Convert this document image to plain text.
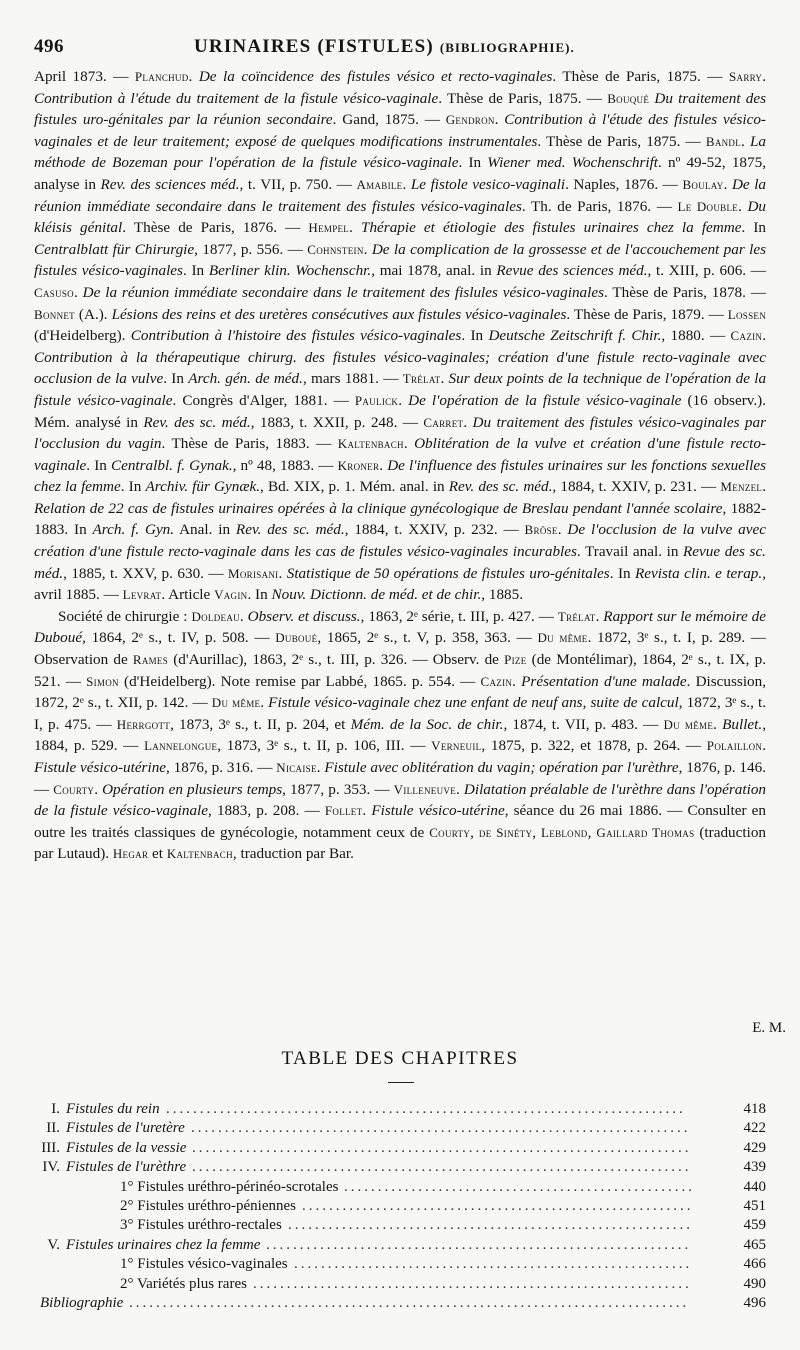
496	URINAIRES (FISTULES) (BIBLIOGRAPHIE).

April 1873. — Planchud. De la coïncidence des fistules vésico et recto-vaginales. Thèse de Paris, 1875. — Sarry. Contribution à l'étude du traitement de la fistule vésico-vaginale. Thèse de Paris, 1875. — Bouqué Du traitement des fistules uro-génitales par la réunion secondaire. Gand, 1875. — Gendron. Contribution à l'étude des fistules vésico-vaginales et de leur traitement; exposé de quelques modifications instrumentales. Thèse de Paris, 1875. — Bandl. La méthode de Bozeman pour l'opération de la fistule vésico-vaginale. In Wiener med. Wochenschrift. nº 49-52, 1875, analyse in Rev. des sciences méd., t. VII, p. 750. — Amabile. Le fistole vesico-vaginali. Naples, 1876. — Boulay. De la réunion immédiate secondaire dans le traitement des fistules vésico-vaginales. Th. de Paris, 1876. — Le Double. Du kléisis génital. Thèse de Paris, 1876. — Hempel. Thérapie et étiologie des fistules urinaires chez la femme. In Centralblatt für Chirurgie, 1877, p. 556. — Cohnstein. De la complication de la grossesse et de l'accouchement par les fistules vésico-vaginales. In Berliner klin. Wochenschr., mai 1878, anal. in Revue des sciences méd., t. XIII, p. 606. — Casuso. De la réunion immédiate secondaire dans le traitement des fislules vésico-vaginales. Thèse de Paris, 1878. — Bonnet (A.). Lésions des reins et des uretères consécutives aux fistules vésico-vaginales. Thèse de Paris, 1879. — Lossen (d'Heidelberg). Contribution à l'histoire des fistules vésico-vaginales. In Deutsche Zeitschrift f. Chir., 1880. — Cazin. Contribution à la thérapeutique chirurg. des fistules vésico-vaginales; création d'une fistule recto-vaginale avec occlusion de la vulve. In Arch. gén. de méd., mars 1881. — Trélat. Sur deux points de la technique de l'opération de la fistule vésico-vaginale. Congrès d'Alger, 1881. — Paulick. De l'opération de la fistule vésico-vaginale (16 observ.). Mém. analysé in Rev. des sc. méd., 1883, t. XXII, p. 248. — Carret. Du traitement des fistules vésico-vaginales par l'occlusion du vagin. Thèse de Paris, 1883. — Kaltenbach. Oblitération de la vulve et création d'une fistule recto-vaginale. In Centralbl. f. Gynak., nº 48, 1883. — Kroner. De l'influence des fistules urinaires sur les fonctions sexuelles chez la femme. In Archiv. für Gynæk., Bd. XIX, p. 1. Mém. anal. in Rev. des sc. méd., 1884, t. XXIV, p. 231. — Menzel. Relation de 22 cas de fistules urinaires opérées à la clinique gynécologique de Breslau pendant l'année scolaire, 1882-1883. In Arch. f. Gyn. Anal. in Rev. des sc. méd., 1884, t. XXIV, p. 232. — Bröse. De l'occlusion de la vulve avec création d'une fistule recto-vaginale dans les cas de fistules vésico-vaginales incurables. Travail anal. in Revue des sc. méd., 1885, t. XXV, p. 630. — Morisani. Statistique de 50 opérations de fistules uro-génitales. In Revista clin. e terap., avril 1885. — Levrat. Article Vagin. In Nouv. Dictionn. de méd. et de chir., 1885.

Société de chirurgie : Doldeau. Observ. et discuss., 1863, 2ᵉ série, t. III, p. 427. — Trélat. Rapport sur le mémoire de Duboué, 1864, 2ᵉ s., t. IV, p. 508. — Duboué, 1865, 2ᵉ s., t. V, p. 358, 363. — Du même. 1872, 3ᵉ s., t. I, p. 289. — Observation de Rames (d'Aurillac), 1863, 2ᵉ s., t. III, p. 326. — Observ. de Pize (de Montélimar), 1864, 2ᵉ s., t. IX, p. 521. — Simon (d'Heidelberg). Note remise par Labbé, 1865. p. 554. — Cazin. Présentation d'une malade. Discussion, 1872, 2ᵉ s., t. XII, p. 142. — Du même. Fistule vésico-vaginale chez une enfant de neuf ans, suite de calcul, 1872, 3ᵉ s., t. I, p. 475. — Herrgott, 1873, 3ᵉ s., t. II, p. 204, et Mém. de la Soc. de chir., 1874, t. VII, p. 483. — Du même. Bullet., 1884, p. 529. — Lannelongue, 1873, 3ᵉ s., t. II, p. 106, III. — Verneuil, 1875, p. 322, et 1878, p. 264. — Polaillon. Fistule vésico-utérine, 1876, p. 316. — Nicaise. Fistule avec oblitération du vagin; opération par l'urèthre, 1876, p. 146. — Courty. Opération en plusieurs temps, 1877, p. 353. — Villeneuve. Dilatation préalable de l'urèthre dans l'opération de la fistule vésico-vaginale, 1883, p. 208. — Follet. Fistule vésico-utérine, séance du 26 mai 1886. — Consulter en outre les traités classiques de gynécologie, notamment ceux de Courty, de Sinéty, Leblond, Gaillard Thomas (traduction par Lutaud). Hegar et Kaltenbach, traduction par Bar.

E. M.
TABLE DES CHAPITRES
I. Fistules du rein .............................................................................	418
II. Fistules de l'uretère ..........................................................................	422
III. Fistules de la vessie ..........................................................................	429
IV. Fistules de l'urèthre ..........................................................................	439
1° Fistules uréthro-périnéo-scrotales ....................................................	440
2° Fistules uréthro-péniennes ..........................................................	451
3° Fistules uréthro-rectales ............................................................	459
V. Fistules urinaires chez la femme ...............................................................	465
1° Fistules vésico-vaginales ...........................................................	466
2° Variétés plus rares .................................................................	490
Bibliographie ...................................................................................	496
